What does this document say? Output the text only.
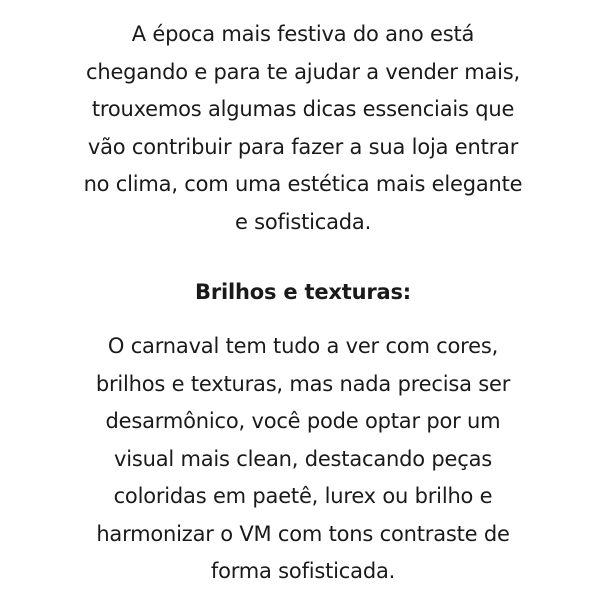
A época mais festiva do ano está
chegando e para te ajudar a vender mais,
trouxemos algumas dicas essenciais que
vão contribuir para fazer a sua loja entrar
no clima, com uma estética mais elegante
e sofisticada.
Brilhos e texturas:
O carnaval tem tudo a ver com cores,
brilhos e texturas, mas nada precisa ser
desarmônico, você pode optar por um
visual mais clean, destacando peças
coloridas em paetê, lurex ou brilho e
harmonizar o VM com tons contraste de
forma sofisticada.
